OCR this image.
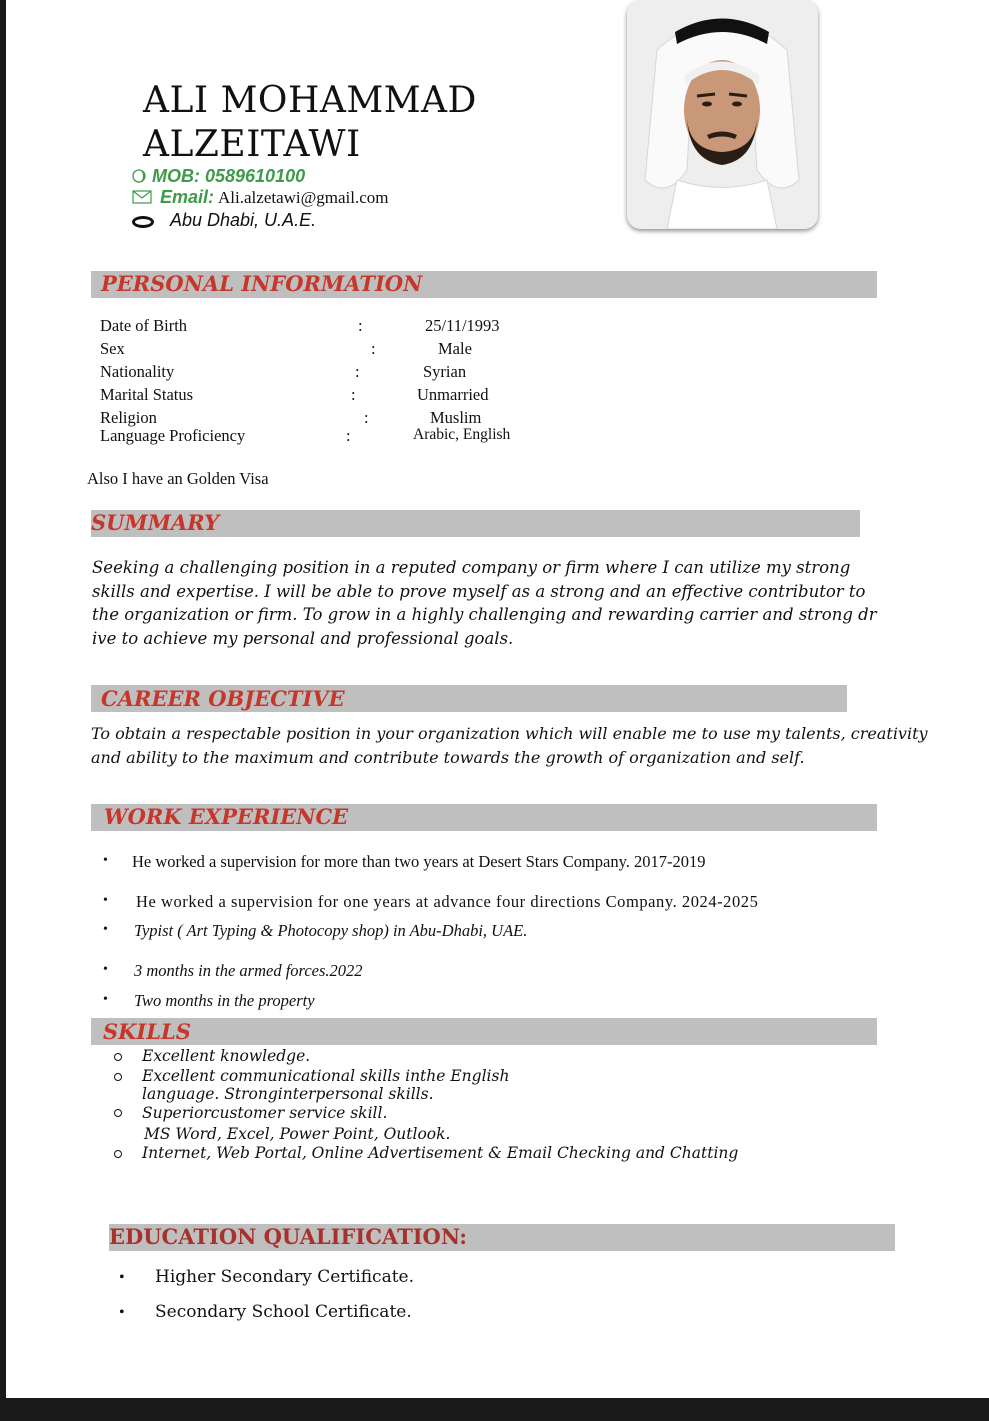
ALI MOHAMMAD
ALZEITAWI
MOB: 0589610100
Email: Ali.alzetawi@gmail.com
Abu Dhabi, U.A.E.
PERSONAL INFORMATION
Date of Birth	:	25/11/1993
Sex	:	Male
Nationality	:	Syrian
Marital Status	:	Unmarried
Religion	:	Muslim
Language Proficiency	:	Arabic, English
Also I have an Golden Visa
SUMMARY
Seeking a challenging position in a reputed company or firm where I can utilize my strong
skills and expertise. I will be able to prove myself as a strong and an effective contributor to
the organization or firm. To grow in a highly challenging and rewarding carrier and strong dr
ive to achieve my personal and professional goals.
CAREER OBJECTIVE
To obtain a respectable position in your organization which will enable me to use my talents, creativity
and ability to the maximum and contribute towards the growth of organization and self.
WORK EXPERIENCE
• He worked a supervision for more than two years at Desert Stars Company. 2017-2019
• He worked a supervision for one years at advance four directions Company. 2024-2025
• Typist ( Art Typing & Photocopy shop) in Abu-Dhabi, UAE.
• 3 months in the armed forces.2022
• Two months in the property
SKILLS
Excellent knowledge.
Excellent communicational skills inthe English
language. Stronginterpersonal skills.
Superiorcustomer service skill.
MS Word, Excel, Power Point, Outlook.
Internet, Web Portal, Online Advertisement & Email Checking and Chatting
EDUCATION QUALIFICATION:
• Higher Secondary Certificate.
• Secondary School Certificate.
